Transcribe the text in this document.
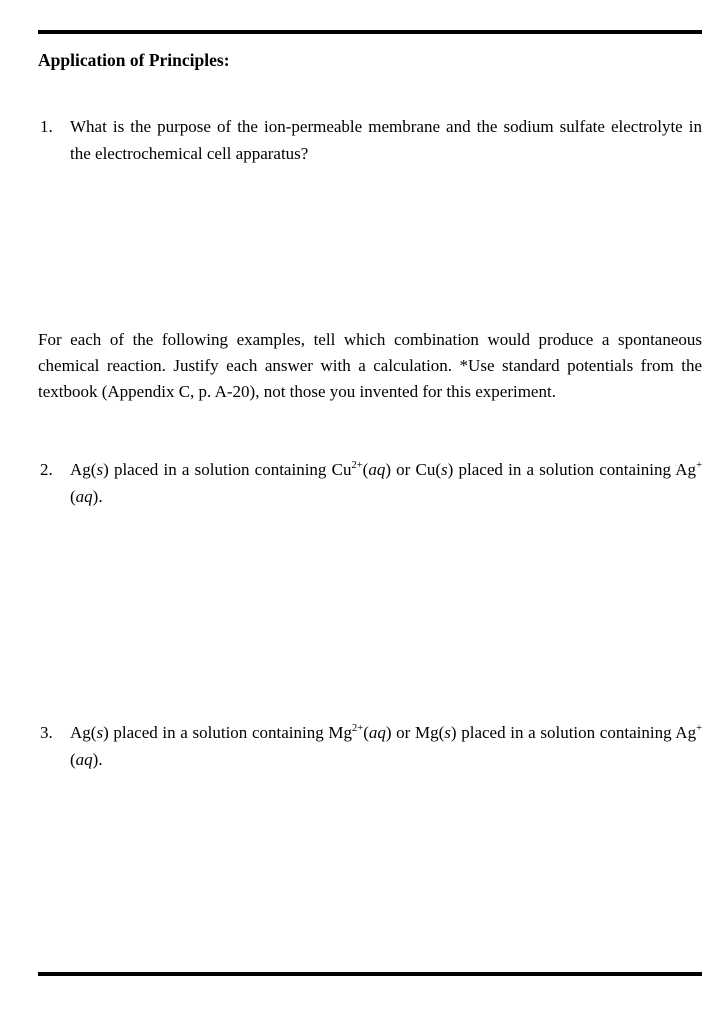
Application of Principles:
1. What is the purpose of the ion-permeable membrane and the sodium sulfate electrolyte in the electrochemical cell apparatus?
For each of the following examples, tell which combination would produce a spontaneous chemical reaction. Justify each answer with a calculation. *Use standard potentials from the textbook (Appendix C, p. A-20), not those you invented for this experiment.
2. Ag(s) placed in a solution containing $Cu^{2+}(aq)$ or Cu(s) placed in a solution containing Ag+(aq).
3. Ag(s) placed in a solution containing $Mg^{2+}(aq)$ or Mg(s) placed in a solution containing Ag+(aq).
